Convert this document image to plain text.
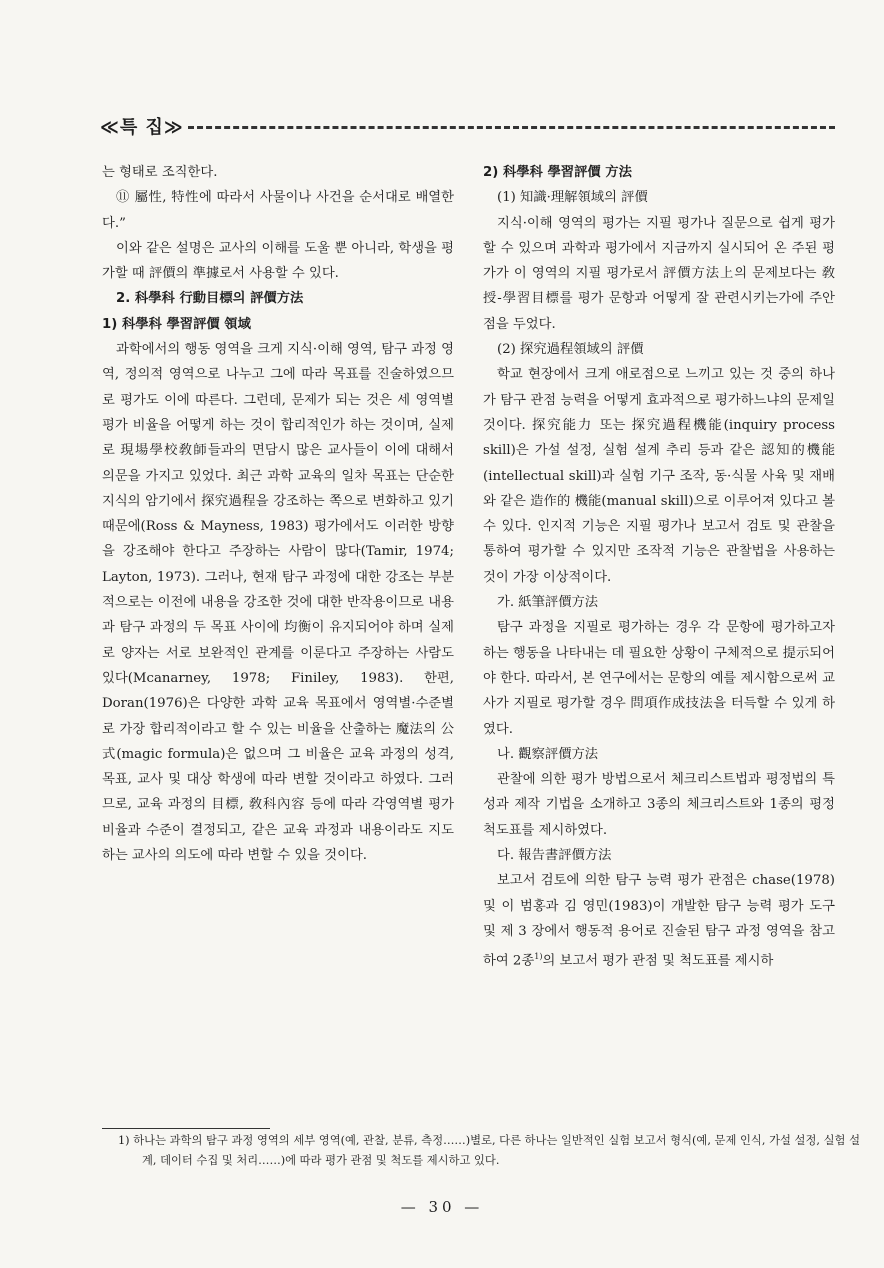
≪특 집≫

는 형태로 조직한다.

⑪ 屬性, 特性에 따라서 사물이나 사건을 순서대로 배열한다.”

이와 같은 설명은 교사의 이해를 도울 뿐 아니라, 학생을 평가할 때 評價의 準據로서 사용할 수 있다.

2. 科學科 行動目標의 評價方法

1) 科學科 學習評價 領域

과학에서의 행동 영역을 크게 지식·이해 영역, 탐구 과정 영역, 정의적 영역으로 나누고 그에 따라 목표를 진술하였으므로 평가도 이에 따른다. 그런데, 문제가 되는 것은 세 영역별 평가 비율을 어떻게 하는 것이 합리적인가 하는 것이며, 실제로 現場學校敎師들과의 면담시 많은 교사들이 이에 대해서 의문을 가지고 있었다. 최근 과학 교육의 일차 목표는 단순한 지식의 암기에서 探究過程을 강조하는 쪽으로 변화하고 있기 때문에(Ross & Mayness, 1983) 평가에서도 이러한 방향을 강조해야 한다고 주장하는 사람이 많다(Tamir, 1974; Layton, 1973). 그러나, 현재 탐구 과정에 대한 강조는 부분적으로는 이전에 내용을 강조한 것에 대한 반작용이므로 내용과 탐구 과정의 두 목표 사이에 均衡이 유지되어야 하며 실제로 양자는 서로 보완적인 관계를 이룬다고 주장하는 사람도 있다(Mcanarney, 1978; Finiley, 1983). 한편, Doran(1976)은 다양한 과학 교육 목표에서 영역별·수준별로 가장 합리적이라고 할 수 있는 비율을 산출하는 魔法의 公式(magic formula)은 없으며 그 비율은 교육 과정의 성격, 목표, 교사 및 대상 학생에 따라 변할 것이라고 하였다. 그러므로, 교육 과정의 目標, 敎科內容 등에 따라 각영역별 평가 비율과 수준이 결정되고, 같은 교육 과정과 내용이라도 지도하는 교사의 의도에 따라 변할 수 있을 것이다.

2) 科學科 學習評價 方法

(1) 知識·理解領域의 評價

지식·이해 영역의 평가는 지필 평가나 질문으로 쉽게 평가할 수 있으며 과학과 평가에서 지금까지 실시되어 온 주된 평가가 이 영역의 지필 평가로서 評價方法上의 문제보다는 敎授-學習目標를 평가 문항과 어떻게 잘 관련시키는가에 주안점을 두었다.

(2) 探究過程領域의 評價

학교 현장에서 크게 애로점으로 느끼고 있는 것 중의 하나가 탐구 관점 능력을 어떻게 효과적으로 평가하느냐의 문제일 것이다. 探究能力 또는 探究過程機能(inquiry process skill)은 가설 설정, 실험 설계 추리 등과 같은 認知的機能(intellectual skill)과 실험 기구 조작, 동·식물 사육 및 재배와 같은 造作的 機能(manual skill)으로 이루어져 있다고 볼 수 있다. 인지적 기능은 지필 평가나 보고서 검토 및 관찰을 통하여 평가할 수 있지만 조작적 기능은 관찰법을 사용하는 것이 가장 이상적이다.

가. 紙筆評價方法

탐구 과정을 지필로 평가하는 경우 각 문항에 평가하고자 하는 행동을 나타내는 데 필요한 상황이 구체적으로 提示되어야 한다. 따라서, 본 연구에서는 문항의 예를 제시함으로써 교사가 지필로 평가할 경우 問項作成技法을 터득할 수 있게 하였다.

나. 觀察評價方法

관찰에 의한 평가 방법으로서 체크리스트법과 평정법의 특성과 제작 기법을 소개하고 3종의 체크리스트와 1종의 평정 척도표를 제시하였다.

다. 報告書評價方法

보고서 검토에 의한 탐구 능력 평가 관점은 chase(1978) 및 이 범홍과 김 영민(1983)이 개발한 탐구 능력 평가 도구 및 제 3 장에서 행동적 용어로 진술된 탐구 과정 영역을 참고하여 2종$^{1)}$의 보고서 평가 관점 및 척도표를 제시하

1) 하나는 과학의 탐구 과정 영역의 세부 영역(예, 관찰, 분류, 측정……)별로, 다른 하나는 일반적인 실험 보고서 형식(예, 문제 인식, 가설 설정, 실험 설계, 데이터 수집 및 처리……)에 따라 평가 관점 및 척도를 제시하고 있다.

— 30 —
